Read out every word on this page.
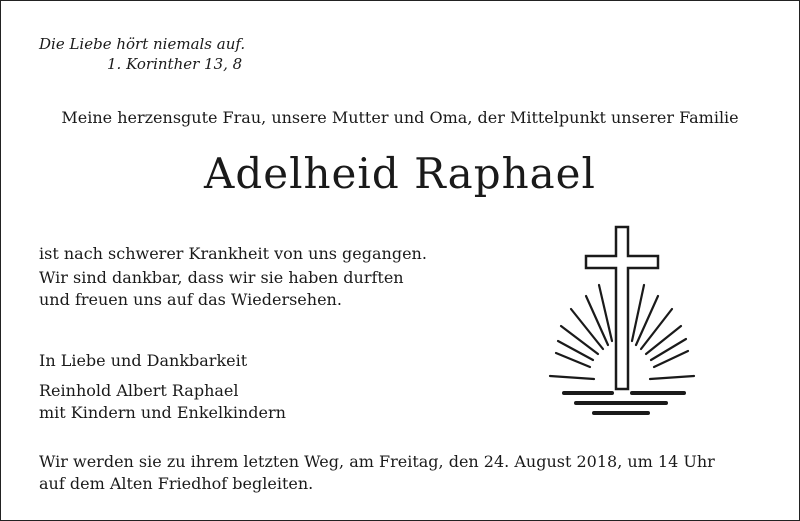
Die Liebe hört niemals auf.
1. Korinther 13, 8
Meine herzensgute Frau, unsere Mutter und Oma, der Mittelpunkt unserer Familie
Adelheid Raphael
ist nach schwerer Krankheit von uns gegangen.
Wir sind dankbar, dass wir sie haben durften
und freuen uns auf das Wiedersehen.
In Liebe und Dankbarkeit
Reinhold Albert Raphael
mit Kindern und Enkelkindern
Wir werden sie zu ihrem letzten Weg, am Freitag, den 24. August 2018, um 14 Uhr
auf dem Alten Friedhof begleiten.
